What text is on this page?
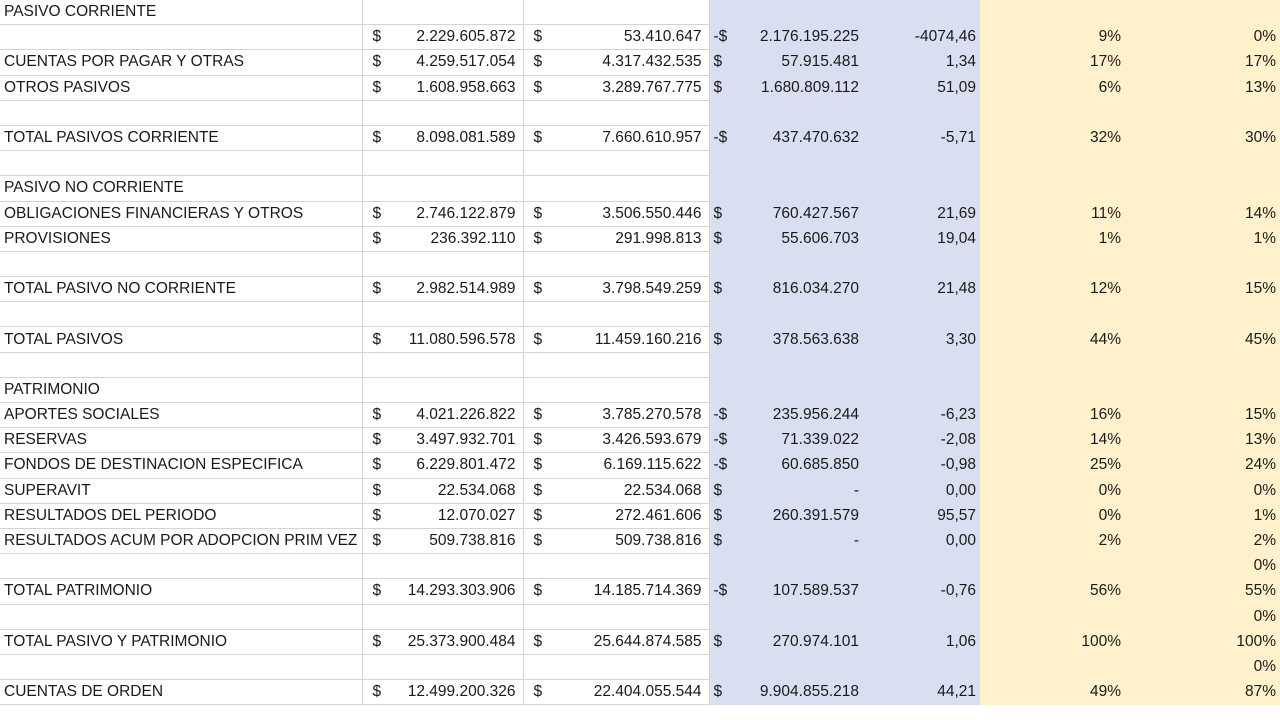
PASIVO CORRIENTE									
	$	2.229.605.872	$	53.410.647	-$	2.176.195.225	-4074,46	9%	0%
CUENTAS POR PAGAR Y OTRAS	$	4.259.517.054	$	4.317.432.535	$	57.915.481	1,34	17%	17%
OTROS PASIVOS	$	1.608.958.663	$	3.289.767.775	$	1.680.809.112	51,09	6%	13%

TOTAL PASIVOS CORRIENTE	$	8.098.081.589	$	7.660.610.957	-$	437.470.632	-5,71	32%	30%

PASIVO NO CORRIENTE									
OBLIGACIONES FINANCIERAS Y OTROS	$	2.746.122.879	$	3.506.550.446	$	760.427.567	21,69	11%	14%
PROVISIONES	$	236.392.110	$	291.998.813	$	55.606.703	19,04	1%	1%

TOTAL PASIVO NO CORRIENTE	$	2.982.514.989	$	3.798.549.259	$	816.034.270	21,48	12%	15%

TOTAL PASIVOS	$	11.080.596.578	$	11.459.160.216	$	378.563.638	3,30	44%	45%

PATRIMONIO									
APORTES SOCIALES	$	4.021.226.822	$	3.785.270.578	-$	235.956.244	-6,23	16%	15%
RESERVAS	$	3.497.932.701	$	3.426.593.679	-$	71.339.022	-2,08	14%	13%
FONDOS DE DESTINACION ESPECIFICA	$	6.229.801.472	$	6.169.115.622	-$	60.685.850	-0,98	25%	24%
SUPERAVIT	$	22.534.068	$	22.534.068	$	-	0,00	0%	0%
RESULTADOS DEL PERIODO	$	12.070.027	$	272.461.606	$	260.391.579	95,57	0%	1%
RESULTADOS ACUM POR ADOPCION PRIM VEZ	$	509.738.816	$	509.738.816	$	-	0,00	2%	2%
									0%
TOTAL PATRIMONIO	$	14.293.303.906	$	14.185.714.369	-$	107.589.537	-0,76	56%	55%
									0%
TOTAL PASIVO Y PATRIMONIO	$	25.373.900.484	$	25.644.874.585	$	270.974.101	1,06	100%	100%
									0%
CUENTAS DE ORDEN	$	12.499.200.326	$	22.404.055.544	$	9.904.855.218	44,21	49%	87%
